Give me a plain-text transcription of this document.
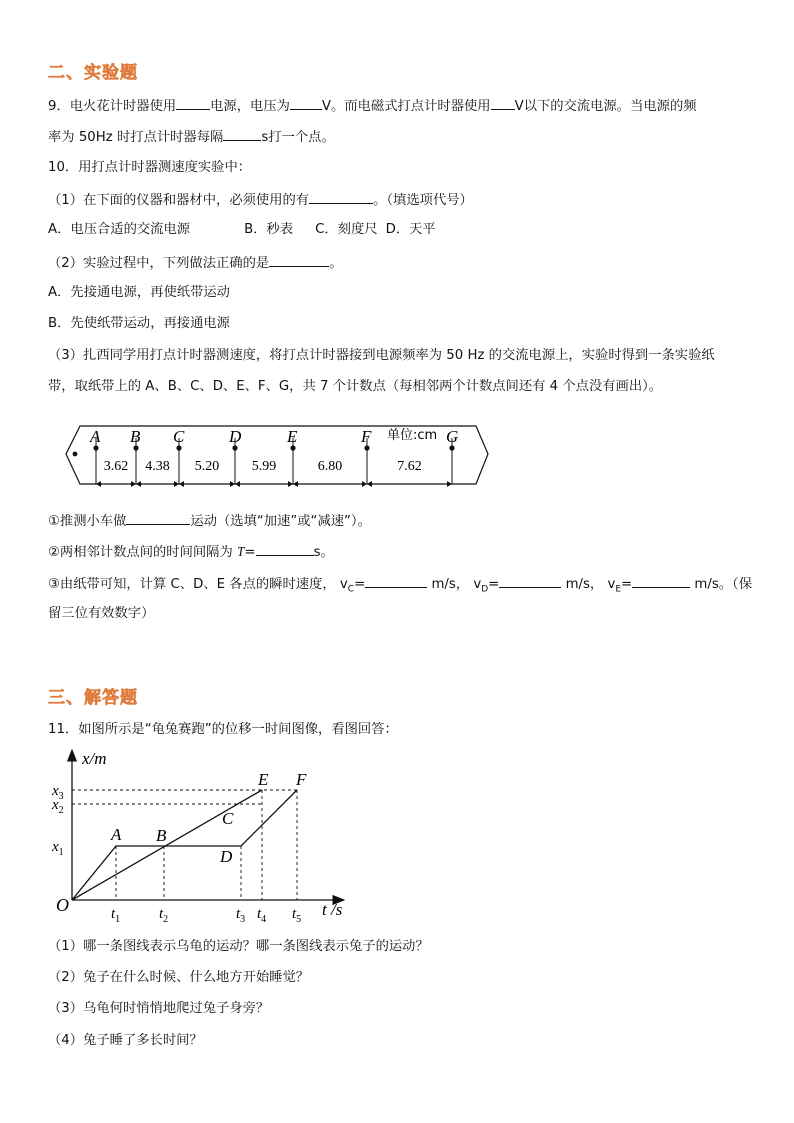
二、实验题
9．电火花计时器使用	电源，电压为 V。而电磁式打点计时器使用 V以下的交流电源。当电源的频
率为 50Hz 时打点计时器每隔	s打一个点。
10．用打点计时器测速度实验中：
（1）在下面的仪器和器材中，必须使用的有	。（填选项代号）
A．电压合适的交流电源	B．秒表 C．刻度尺 D．天平
（2）实验过程中，下列做法正确的是	。
A．先接通电源，再使纸带运动
B．先使纸带运动，再接通电源
（3）扎西同学用打点计时器测速度，将打点计时器接到电源频率为 50 Hz 的交流电源上，实验时得到一条实验纸
带，取纸带上的 A、B、C、D、E、F、G，共 7 个计数点（每相邻两个计数点间还有 4 个点没有画出）。
A B C	D	E	F	G
3.62 4.38 5.20 5.99	6.80	7.62
单位:cm
①推测小车做	运动（选填“加速”或“减速”）。
②两相邻计数点间的时间间隔为 T=	s。
③由纸带可知，计算 C、D、E 各点的瞬时速度， $v_C=$	m/s， $v_D=$	m/s， $v_E=$	m/s。（保
留三位有效数字）
三、解答题
11．如图所示是“龟兔赛跑”的位移一时间图像，看图回答：
x/m
O	t /s
$x_3$
$x_2$
$x_1$
$t_1$	$t_2$	$t_3$ $t_4$ $t_5$
A B
C
D
E F
（1）哪一条图线表示乌龟的运动？哪一条图线表示兔子的运动？
（2）兔子在什么时候、什么地方开始睡觉？
（3）乌龟何时悄悄地爬过兔子身旁？
（4）兔子睡了多长时间？
